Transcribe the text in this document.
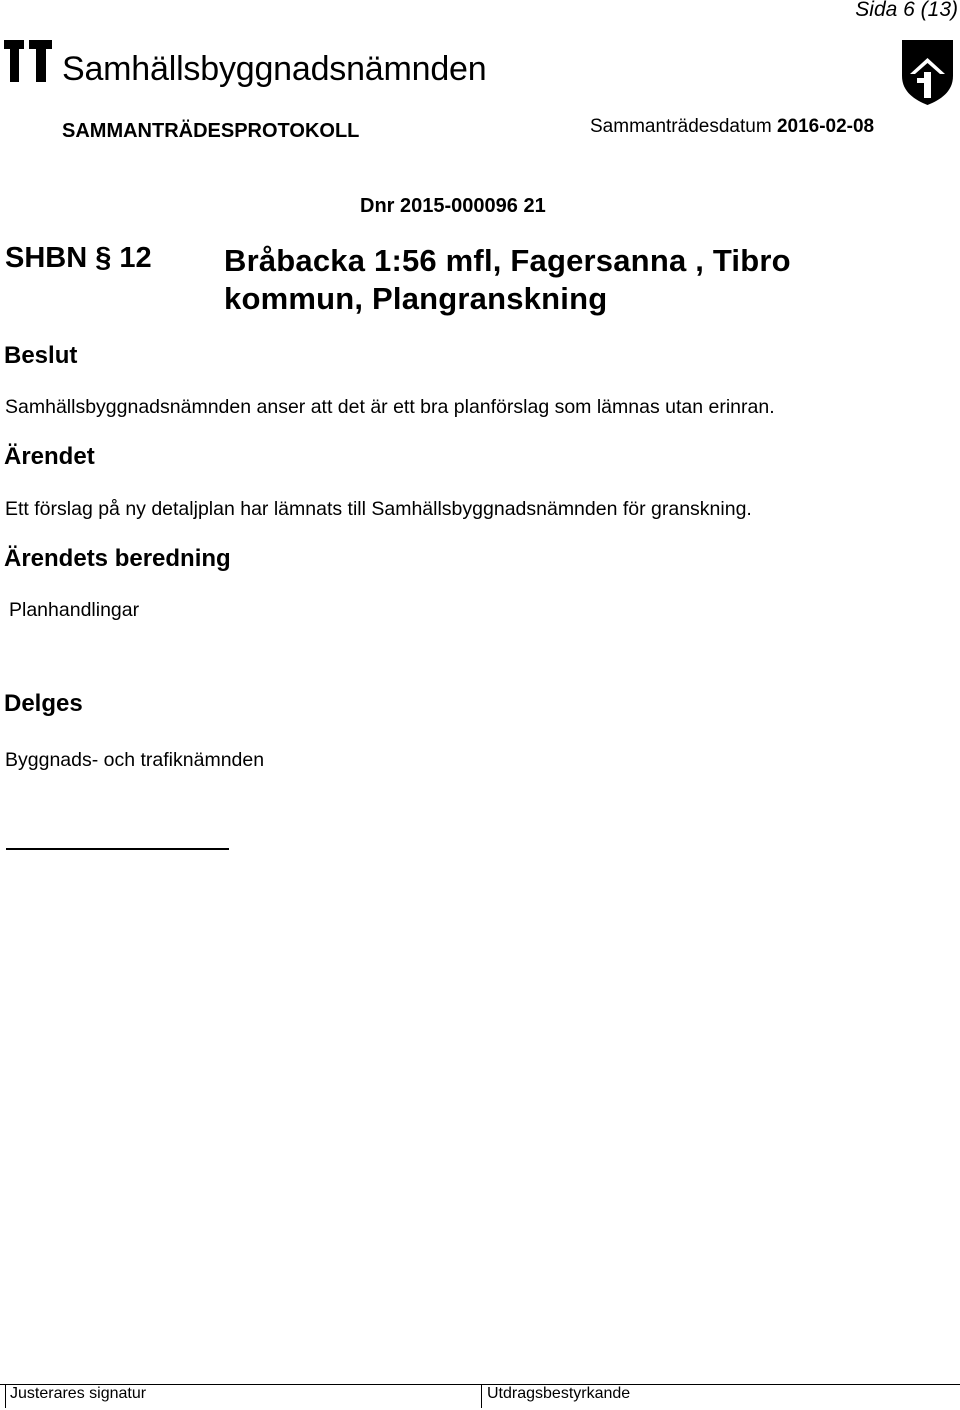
Sida 6 (13)
Samhällsbyggnadsnämnden
SAMMANTRÄDESPROTOKOLL	Sammanträdesdatum 2016-02-08
Dnr 2015-000096 21
SHBN § 12 Bråbacka 1:56 mfl, Fagersanna , Tibro
kommun, Plangranskning
Beslut
Samhällsbyggnadsnämnden anser att det är ett bra planförslag som lämnas utan erinran.
Ärendet
Ett förslag på ny detaljplan har lämnats till Samhällsbyggnadsnämnden för granskning.
Ärendets beredning
Planhandlingar
Delges
Byggnads- och trafiknämnden
Justerares signatur	Utdragsbestyrkande
